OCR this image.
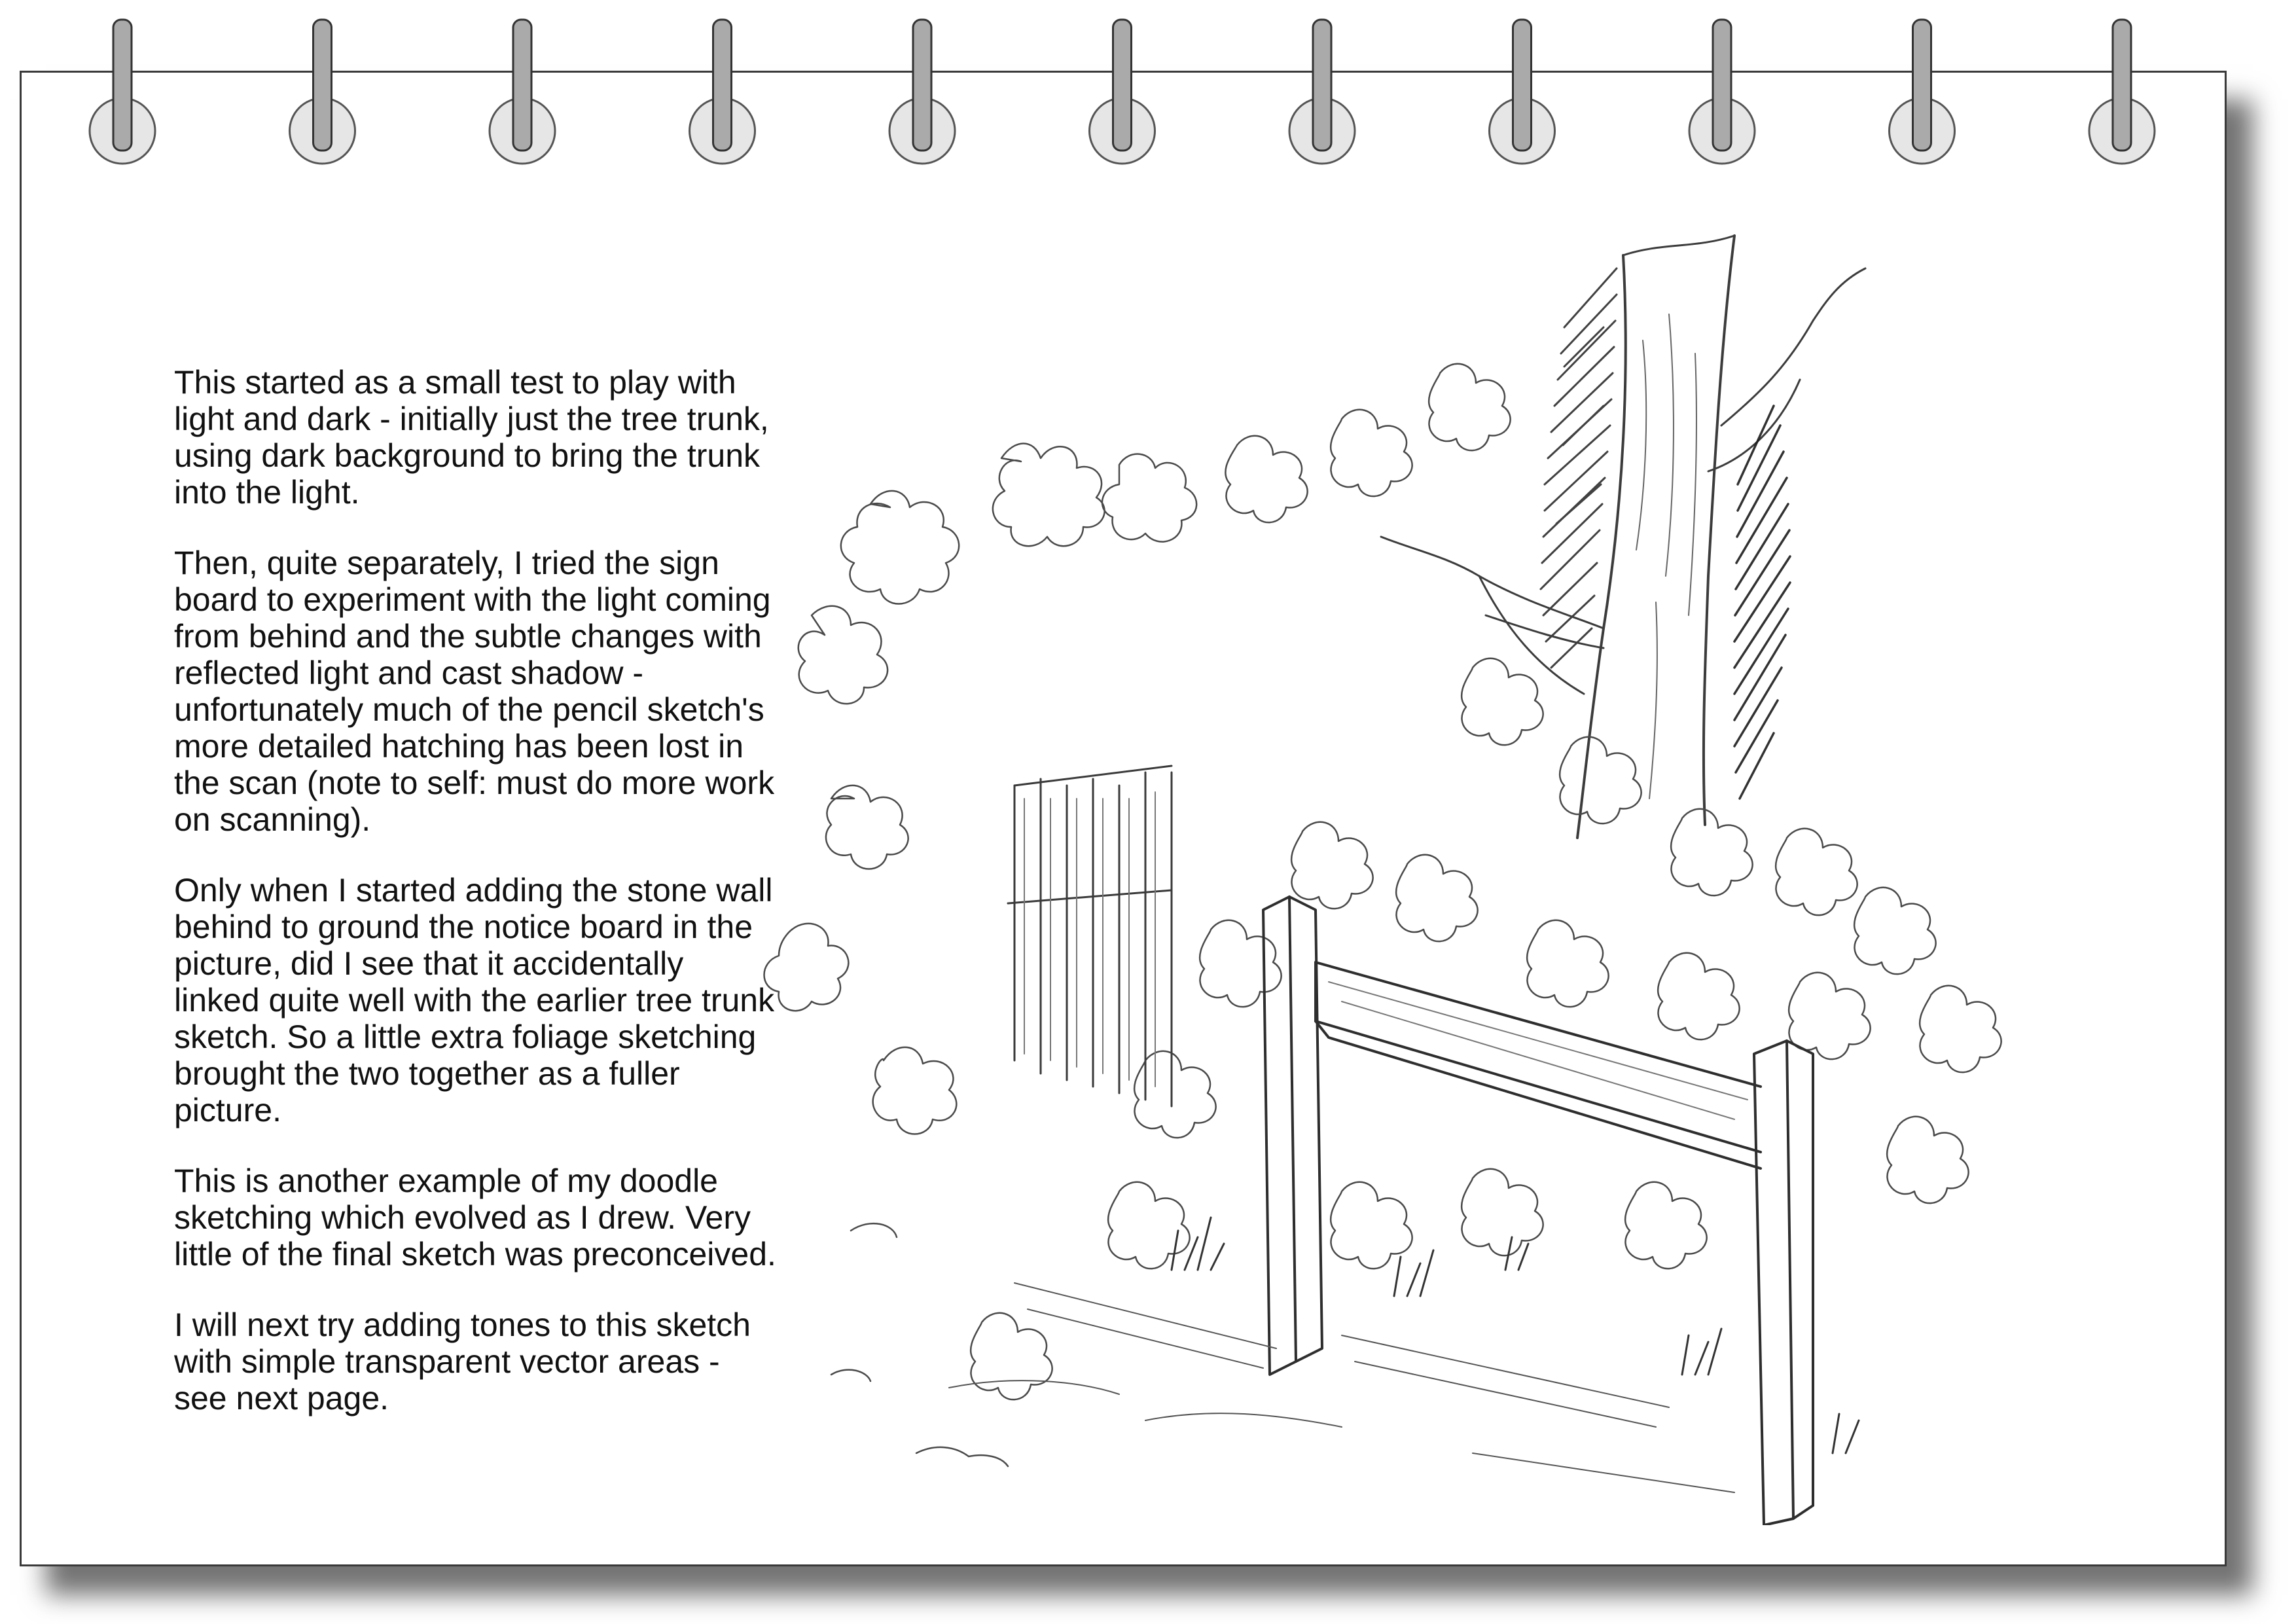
This started as a small test to play with light and dark - initially just the tree trunk, using dark background to bring the trunk into the light.

Then, quite separately, I tried the sign board to experiment with the light coming from behind and the subtle changes with reflected light and cast shadow - unfortunately much of the pencil sketch's more detailed hatching has been lost in the scan (note to self: must do more work on scanning).

Only when I started adding the stone wall behind to ground the notice board in the picture, did I see that it accidentally linked quite well with the earlier tree trunk sketch. So a little extra foliage sketching brought the two together as a fuller picture.

This is another example of my doodle sketching which evolved as I drew. Very little of the final sketch was preconceived.

I will next try adding tones to this sketch with simple transparent vector areas - see next page.
